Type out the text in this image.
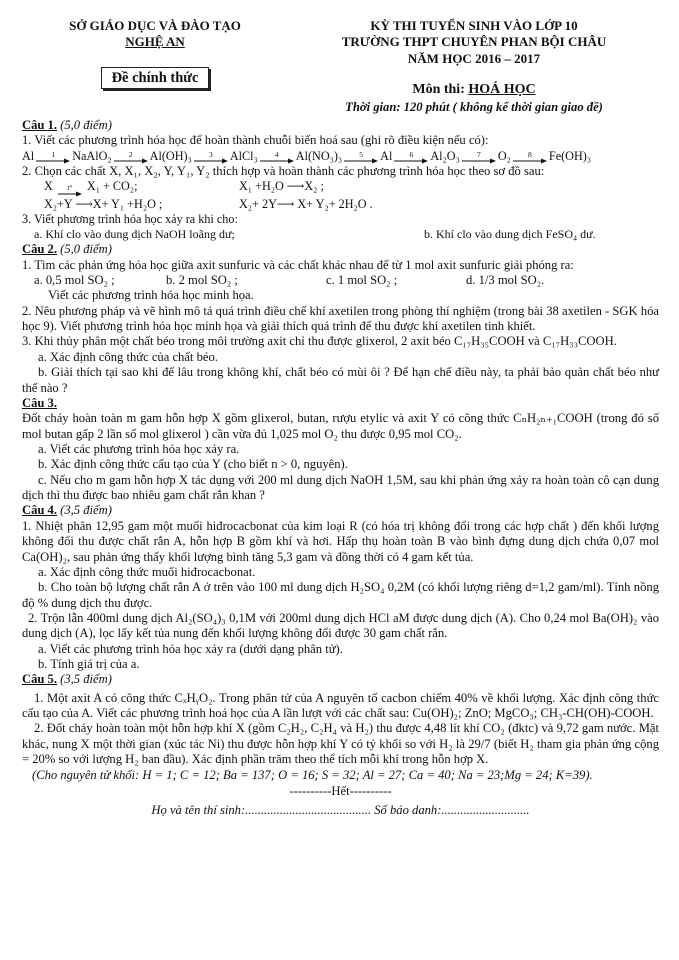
SỞ GIÁO DỤC VÀ ĐÀO TẠO
NGHỆ AN
Đề chính thức
KỲ THI TUYỂN SINH VÀO LỚP 10
TRƯỜNG THPT CHUYÊN PHAN BỘI CHÂU
NĂM HỌC 2016 – 2017
Môn thi: HOÁ HỌC
Thời gian: 120 phút ( không kể thời gian giao đề)

Câu 1. (5,0 điểm)

1. Viết các phương trình hóa học để hoàn thành chuỗi biến hoá sau (ghi rõ điều kiện nếu có):

Al 1 NaAlO₂ 2 Al(OH)₃ 3 AlCl₃ 4 Al(NO₃)₃ 5 Al 6 Al₂O₃ 7 O₂ 8 Fe(OH)₃

2. Chọn các chất X, X₁, X₂, Y, Y₁, Y₂ thích hợp và hoàn thành các phương trình hóa học theo sơ đồ sau:

X t° X₁ + CO₂;	X₁ +H₂O ⟶X₂ ;
X₂+Y ⟶X+ Y₁ +H₂O ;	X₂+ 2Y⟶ X+ Y₂+ 2H₂O .

3. Viết phương trình hóa học xảy ra khi cho:

a. Khí clo vào dung dịch NaOH loãng dư;	b. Khí clo vào dung dịch FeSO₄ dư.

Câu 2. (5,0 điểm)

1. Tìm các phản ứng hóa học giữa axit sunfuric và các chất khác nhau để từ 1 mol axit sunfuric giải phóng ra:

a. 0,5 mol SO₂ ;	b. 2 mol SO₂ ;	c. 1 mol SO₂ ;	d. 1/3 mol SO₂.

Viết các phương trình hóa học minh họa.

2. Nêu phương pháp và vẽ hình mô tả quá trình điều chế khí axetilen trong phòng thí nghiệm (trong bài 38 axetilen - SGK hóa học 9). Viết phương trình hóa học minh họa và giải thích quá trình để thu được khí axetilen tinh khiết.

3. Khi thủy phân một chất béo trong môi trường axit chỉ thu được glixerol, 2 axit béo C₁₇H₃₅COOH và C₁₇H₃₃COOH.

a. Xác định công thức của chất béo.

b. Giải thích tại sao khi để lâu trong không khí, chất béo có mùi ôi ? Để hạn chế điều này, ta phải bảo quản chất béo như thế nào ?

Câu 3.

Đốt cháy hoàn toàn m gam hỗn hợp X gồm glixerol, butan, rượu etylic và axit Y có công thức CₙH₂ₙ₊₁COOH (trong đó số mol butan gấp 2 lần số mol glixerol ) cần vừa đủ 1,025 mol O₂ thu được 0,95 mol CO₂.

a. Viết các phương trình hóa học xảy ra.

b. Xác định công thức cấu tạo của Y (cho biết n > 0, nguyên).

c. Nếu cho m gam hỗn hợp X tác dụng với 200 ml dung dịch NaOH 1,5M, sau khi phản ứng xảy ra hoàn toàn cô cạn dung dịch thì thu được bao nhiêu gam chất rắn khan ?

Câu 4. (3,5 điểm)

1. Nhiệt phân 12,95 gam một muối hiđrocacbonat của kim loại R (có hóa trị không đổi trong các hợp chất ) đến khối lượng không đổi thu được chất rắn A, hỗn hợp B gồm khí và hơi. Hấp thụ hoàn toàn B vào bình đựng dung dịch chứa 0,07 mol Ca(OH)₂, sau phản ứng thấy khối lượng bình tăng 5,3 gam và đồng thời có 4 gam kết tủa.

a. Xác định công thức muối hiđrocacbonat.

b. Cho toàn bộ lượng chất rắn A ở trên vào 100 ml dung dịch H₂SO₄ 0,2M (có khối lượng riêng d=1,2 gam/ml). Tính nồng độ % dung dịch thu được.

2. Trộn lẫn 400ml dung dịch Al₂(SO₄)₃ 0,1M với 200ml dung dịch HCl aM được dung dịch (A). Cho 0,24 mol Ba(OH)₂ vào dung dịch (A), lọc lấy kết tủa nung đến khối lượng không đổi được 30 gam chất rắn.

a. Viết các phương trình hóa học xảy ra (dưới dạng phân tử).

b. Tính giá trị của a.

Câu 5. (3,5 điểm)

1. Một axit A có công thức CₓHᵧO₂. Trong phân tử của A nguyên tố cacbon chiếm 40% về khối lượng. Xác định công thức cấu tạo của A. Viết các phương trình hoá học của A lần lượt với các chất sau: Cu(OH)₂; ZnO; MgCO₃; CH₃-CH(OH)-COOH.

2. Đốt cháy hoàn toàn một hỗn hợp khí X (gồm C₂H₂, C₂H₄ và H₂) thu được 4,48 lít khí CO₂ (đktc) và 9,72 gam nước. Mặt khác, nung X một thời gian (xúc tác Ni) thu được hỗn hợp khí Y có tỷ khối so với H₂ là 29/7 (biết H₂ tham gia phản ứng cộng = 20% so với lượng H₂ ban đầu). Xác định phần trăm theo thể tích mỗi khí trong hỗn hợp X.

(Cho nguyên tử khối: H = 1; C = 12; Ba = 137; O = 16; S = 32; Al = 27; Ca = 40; Na = 23;Mg = 24; K=39).

----------Hết----------
Họ và tên thí sinh:........................................ Số báo danh:............................
